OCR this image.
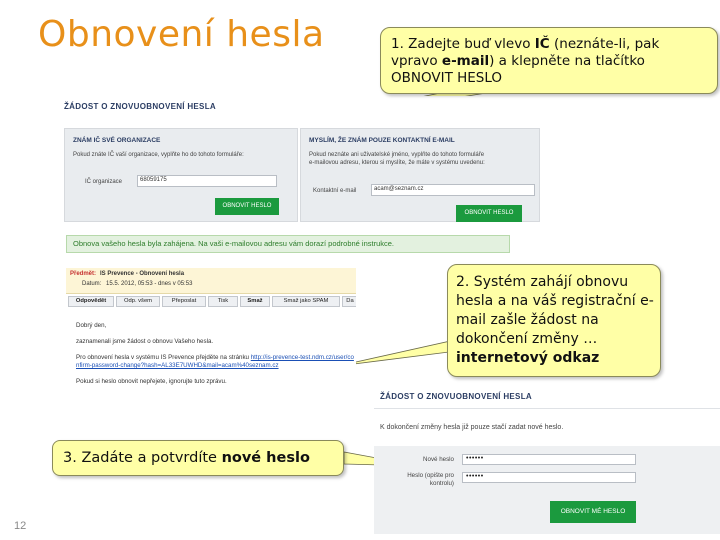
Obnovení hesla
ŽÁDOST O ZNOVUOBNOVENÍ HESLA
ZNÁM IČ SVÉ ORGANIZACE
Pokud znáte IČ vaší organizace, vyplňte ho do tohoto formuláře:
IČ organizace	68059175
OBNOVIT HESLO
MYSLÍM, ŽE ZNÁM POUZE KONTAKTNÍ E-MAIL
Pokud neznáte ani uživatelské jméno, vyplňte do tohoto formuláře
e-mailovou adresu, kterou si myslíte, že máte v systému uvedenu:
Kontaktní e-mail	acam@seznam.cz
OBNOVIT HESLO
Obnova vašeho hesla byla zahájena. Na vaši e-mailovou adresu vám dorazí podrobné instrukce.
Předmět: IS Prevence - Obnovení hesla
Datum: 15.5. 2012, 05:53 - dnes v 05:53
Odpovědět	Odp. všem	Přeposlat	Tisk	Smaž	Smaž jako SPAM	Da

Dobrý den,

zaznamenali jsme žádost o obnovu Vašeho hesla.

Pro obnovení hesla v systému IS Prevence přejděte na stránku http://is-prevence-test.ndm.cz/user/confirm-password-change?hash=AL33E7UWHD&mail=acam%40seznam.cz

Pokud si heslo obnovit nepřejete, ignorujte tuto zprávu.

ŽÁDOST O ZNOVUOBNOVENÍ HESLA
K dokončení změny hesla již pouze stačí zadat nové heslo.
Nové heslo	••••••
Heslo (opište pro
kontrolu)
••••••
OBNOVIT MÉ HESLO
1. Zadejte buď vlevo IČ (neznáte-li, pak vpravo e-mail) a klepněte na tlačítko OBNOVIT HESLO
2. Systém zahájí obnovu hesla a na váš registrační e-mail zašle žádost na dokončení změny … internetový odkaz
3. Zadáte a potvrdíte nové heslo
12
